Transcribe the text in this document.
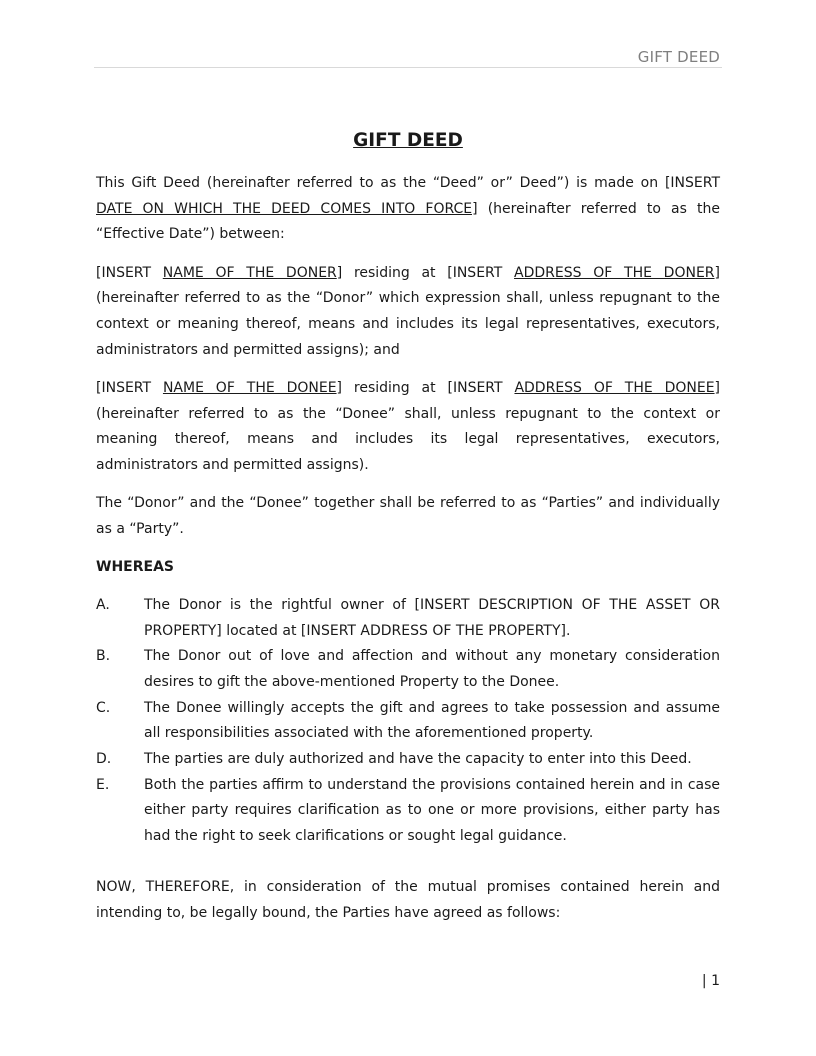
GIFT DEED
GIFT DEED

This Gift Deed (hereinafter referred to as the “Deed” or” Deed”) is made on [INSERT DATE ON WHICH THE DEED COMES INTO FORCE] (hereinafter referred to as the “Effective Date”) between:

[INSERT NAME OF THE DONER] residing at [INSERT ADDRESS OF THE DONER] (hereinafter referred to as the “Donor” which expression shall, unless repugnant to the context or meaning thereof, means and includes its legal representatives, executors, administrators and permitted assigns); and

[INSERT NAME OF THE DONEE] residing at [INSERT ADDRESS OF THE DONEE] (hereinafter referred to as the “Donee” shall, unless repugnant to the context or meaning thereof, means and includes its legal representatives, executors, administrators and permitted assigns).

The “Donor” and the “Donee” together shall be referred to as “Parties” and individually as a “Party”.

WHEREAS
A.	The Donor is the rightful owner of [INSERT DESCRIPTION OF THE ASSET OR PROPERTY] located at [INSERT ADDRESS OF THE PROPERTY].
B.	The Donor out of love and affection and without any monetary consideration desires to gift the above-mentioned Property to the Donee.
C.	The Donee willingly accepts the gift and agrees to take possession and assume all responsibilities associated with the aforementioned property.
D.	The parties are duly authorized and have the capacity to enter into this Deed.
E.	Both the parties affirm to understand the provisions contained herein and in case either party requires clarification as to one or more provisions, either party has had the right to seek clarifications or sought legal guidance.

NOW, THEREFORE, in consideration of the mutual promises contained herein and intending to, be legally bound, the Parties have agreed as follows:

| 1
